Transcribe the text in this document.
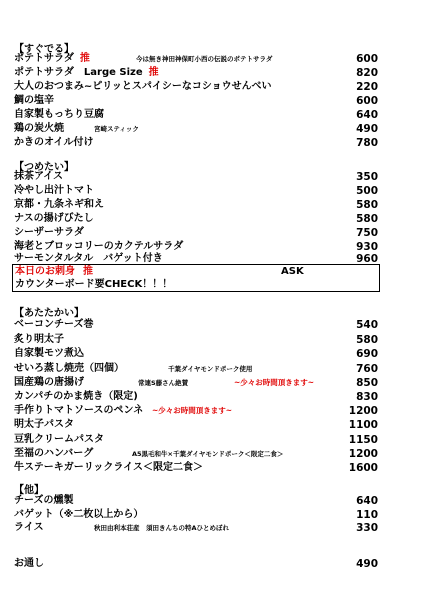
【すぐでる】
ポテトサラダ 推	今は無き神田神保町小西の伝説のポテトサラダ	600
ポテトサラダ　Large Size 推	820
大人のおつまみ~ピリッとスパイシーなコショウせんべい	220
鯛の塩辛	600
自家製もっちり豆腐	640
鶏の炭火焼	宮崎スティック	490
かきのオイル付け	780
【つめたい】
抹茶アイス	350
冷やし出汁トマト	500
京都・九条ネギ和え	580
ナスの揚げびたし	580
シーザーサラダ	750
海老とブロッコリーのカクテルサラダ	930
サーモンタルタル　バゲット付き	960
本日のお刺身 推	ASK
カウンターボード要CHECK！！！
【あたたかい】
ベーコンチーズ巻	540
炙り明太子	580
自家製モツ煮込	690
せいろ蒸し焼売（四個）	千葉ダイヤモンドポーク使用	760
国産鶏の唐揚げ	常連S藤さん絶賛	~少々お時間頂きます~	850
カンパチのかま焼き（限定)	830
手作りトマトソースのペンネ ~少々お時間頂きます~	1200
明太子パスタ	1100
豆乳クリームパスタ	1150
至福のハンバーグ	A5黒毛和牛×千葉ダイヤモンドポーク＜限定二食＞	1200
牛ステーキガーリックライス＜限定二食＞	1600
【他】
チーズの燻製	640
バゲット（※二枚以上から）	110
ライス	秋田由利本荘産　須田きんちの特Aひとめぼれ	330
お通し	490
